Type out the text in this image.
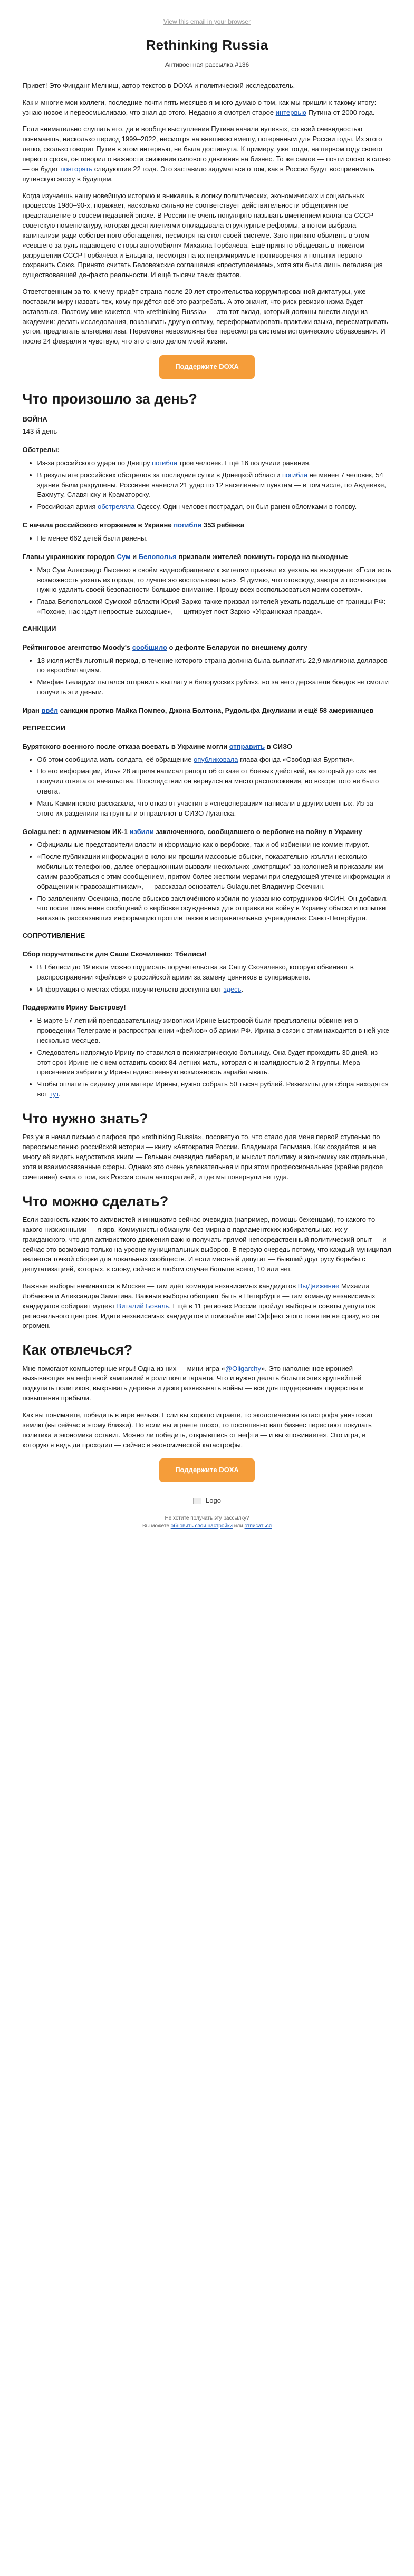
View this email in your browser
Rethinking Russia
Антивоенная рассылка #136

Привет! Это Финданг Мелниш, автор текстов в DOXA и политический исследователь.

Как и многие мои коллеги, последние почти пять месяцев я много думаю о том, как мы пришли к такому итогу: узнаю новое и переосмысливаю, что знал до этого. Недавно я смотрел старое интервью Путина от 2000 года.

Если внимательно слушать его, да и вообще выступления Путина начала нулевых, со всей очевидностью понимаешь, насколько период 1999–2022, несмотря на внешнюю вмешу, потерянным для России годы. Из этого легко, сколько говорит Путин в этом интервью, не была достигнута. К примеру, уже тогда, на первом году своего первого срока, он говорил о важности снижения силового давления на бизнес. То же самое — почти слово в слово — он будет повторять следующие 22 года. Это заставило задуматься о том, как в России будут воспринимать путинскую эпоху в будущем.

Когда изучаешь нашу новейшую историю и вникаешь в логику политических, экономических и социальных процессов 1980–90-х, поражает, насколько сильно не соответствует действительности общепринятое представление о совсем недавней эпохе. В России не очень популярно называть вменением коллапса СССР советскую номенклатуру, которая десятилетиями откладывала структурные реформы, а потом выбрала капитализм ради собственного обогащения, несмотря на стол своей системе. Зато принято обвинять в этом «севшего за руль падающего с горы автомобиля» Михаила Горбачёва. Ещё принято обыдевать в тяжёлом разрушении СССР Горбачёва и Ельцина, несмотря на их непримиримые противоречия и попытки первого сохранить Союз. Принято считать Беловежские соглашения «преступлением», хотя эти была лишь легализация существовавшей де-факто реальности. И ещё тысячи таких фактов.

Ответственным за то, к чему придёт страна после 20 лет строительства коррумпированной диктатуры, уже поставили миру назвать тех, кому придётся всё это разгребать. А это значит, что риск ревизионизма будет оставаться. Поэтому мне кажется, что «rethinking Russia» — это тот вклад, который должны внести люди из академии: делать исследования, показывать другую оптику, переформатировать практики языка, пересматривать устои, предлагать альтернативы. Перемены невозможны без пересмотра системы исторического образования. И после 24 февраля я чувствую, что это стало делом моей жизни.

Поддержите DOXA
Что произошло за день?
ВОЙНА
143-й день
Обстрелы:
• Из-за российского удара по Днепру погибли трое человек. Ещё 16 получили ранения.
• В результате российских обстрелов за последние сутки в Донецкой области погибли не менее 7 человек, 54 здания были разрушены. Россияне нанесли 21 удар по 12 населенным пунктам — в том числе, по Авдеевке, Бахмуту, Славянску и Краматорску.
• Российская армия обстреляла Одессу. Один человек пострадал, он был ранен обломками в голову.
С начала российского вторжения в Украине погибли 353 ребёнка
• Не менее 662 детей были ранены.
Главы украинских городов Сум и Белополья призвали жителей покинуть города на выходные
• Мэр Сум Александр Лысенко в своём видеообращении к жителям призвал их уехать на выходные: «Если есть возможность уехать из города, то лучше эю воспользоваться». Я думаю, что отовсюду, завтра и послезавтра нужно удалить своей безопасности большое внимание. Прошу всех воспользоваться моим советом».
• Глава Белопольской Сумской области Юрий Заржо также призвал жителей уехать подальше от границы РФ: «Похоже, нас ждут непростые выходные», — цитирует пост Заржо «Украинская правда».
САНКЦИИ
Рейтинговое агентство Moody's сообщило о дефолте Беларуси по внешнему долгу
• 13 июля истёк льготный период, в течение которого страна должна была выплатить 22,9 миллиона долларов по еврооблигациям.
• Минфин Беларуси пытался отправить выплату в белорусских рублях, но за него держатели бондов не смогли получить эти деньги.
Иран ввёл санкции против Майка Помпео, Джона Болтона, Рудольфа Джулиани и ещё 58 американцев
РЕПРЕССИИ
Бурятского военного после отказа воевать в Украине могли отправить в СИЗО
• Об этом сообщила мать солдата, её обращение опубликовала глава фонда «Свободная Бурятия».
• По его информации, Илья 28 апреля написал рапорт об отказе от боевых действий, на который до сих не получил ответа от начальства. Впоследствии он вернулся на место расположения, но вскоре того не было ответа.
• Мать Камиинского рассказала, что отказ от участия в «спецоперации» написали в других военных. Из-за этого их разделили на группы и отправляют в СИЗО Луганска.
Golagu.net: в админчеком ИК-1 избили заключенного, сообщавшего о вербовке на войну в Украину
• Официальные представители власти информацию как о вербовке, так и об избиении не комментируют.
• «После публикации информации в колонии прошли массовые обыски, показательно изъяли несколько мобильных телефонов, далее операционным вызвали нескольких „смотрящих" за колонией и приказали им самим разобраться с этим сообщением, притом более жестким мерами при следующей утечке информации и обращении к правозащитникам», — рассказал основатель Gulagu.net Владимир Осечкин.
• По заявлениям Осечкина, после обысков заключённого избили по указанию сотрудников ФСИН. Он добавил, что после появления сообщений о вербовке осужденных для отправки на войну в Украину обыски и попытки наказать рассказавших информацию прошли также в исправительных учреждениях Санкт-Петербурга.
СОПРОТИВЛЕНИЕ
Сбор поручительств для Саши Скочиленко: Тбилиси!
• В Тбилиси до 19 июля можно подписать поручительства за Сашу Скочиленко, которую обвиняют в распространении «фейков» о российской армии за замену ценников в супермаркете.
• Информация о местах сбора поручительств доступна вот здесь.
Поддержите Ирину Быстрову!
• В марте 57-летний преподавательницу живописи Ирине Быстровой были предъявлены обвинения в проведении Телеграме и распространении «фейков» об армии РФ. Ирина в связи с этим находится в ней уже несколько месяцев.
• Следователь напрямую Ирину по ставился в психиатрическую больницу. Она будет проходить 30 дней, из этот срок Ирине не с кем оставить своих 84-летних мать, которая с инвалидностью 2-й группы. Мера пресечения забрала у Ирины единственную возможность зарабатывать.
• Чтобы оплатить сиделку для матери Ирины, нужно собрать 50 тысяч рублей. Реквизиты для сбора находятся вот тут.
Что нужно знать?

Раз уж я начал письмо с пафоса про «rethinking Russia», посоветую то, что стало для меня первой ступенью по переосмыслению российской истории — книгу «Автократия России. Владимира Гельмана. Как создаётся, и не многу её видеть недостатков книги — Гельман очевидно либерал, и мыслит политику и экономику как отдельные, хотя и взаимосвязанные сферы. Однако это очень увлекательная и при этом профессиональная (крайне редкое сочетание) книга о том, как Россия стала автократией, и где мы повернули не туда.

Что можно сделать?

Если важность каких-то активистей и инициатив сейчас очевидна (например, помощь беженцам), то какого-то какого низкионными — я ярв. Коммунисты обманули без мирна в парламентских избирательных, их у гражданского, что для активисткого движения важно получать прямой непосредственный политический опыт — и сейчас это возможно только на уровне муниципальных выборов. В первую очередь потому, что каждый муниципал является точкой сборки для локальных сообществ. И если местный депутат — бывший друг русу борьбы с депутатизацией, которых, к слову, сейчас в любом случае больше всего, 10 или нет.

Важные выборы начинаются в Москве — там идёт команда независимых кандидатов ВыДвижение Михаила Лобанова и Александра Замятина. Важные выборы обещают быть в Петербурге — там команду независимых кандидатов собирает муцевт Виталий Боваль. Ещё в 11 регионах России пройдут выборы в советы депутатов регионального центров. Идите независимых кандидатов и помогайте им! Эффект этого понятен не сразу, но он огромен.

Как отвлечься?

Мне помогают компьютерные игры! Одна из них — мини-игра «@Oligarchy». Это наполненное иронией вызывающая на нефтяной кампанией в роли почти гаранта. Что и нужно делать больше этих крупнейшей подкупать политиков, выкрывать деревья и даже развязывать войны — всё для поддержания лидерства и повышения прибыли.

Как вы понимаете, победить в игре нельзя. Если вы хорошо играете, то экологическая катастрофа уничтожит землю (вы сейчас я этому близки). Но если вы играете плохо, то постепенно ваш бизнес перестают покупать политика и экономика оставит. Можно ли победить, открывшись от нефти — и вы «пожинаете». Это игра, в которую я ведь да проходил — сейчас в экономической катастрофы.

Поддержите DOXA
Logo
Не хотите получать эту рассылку?
Вы можете обновить свои настройки или отписаться
